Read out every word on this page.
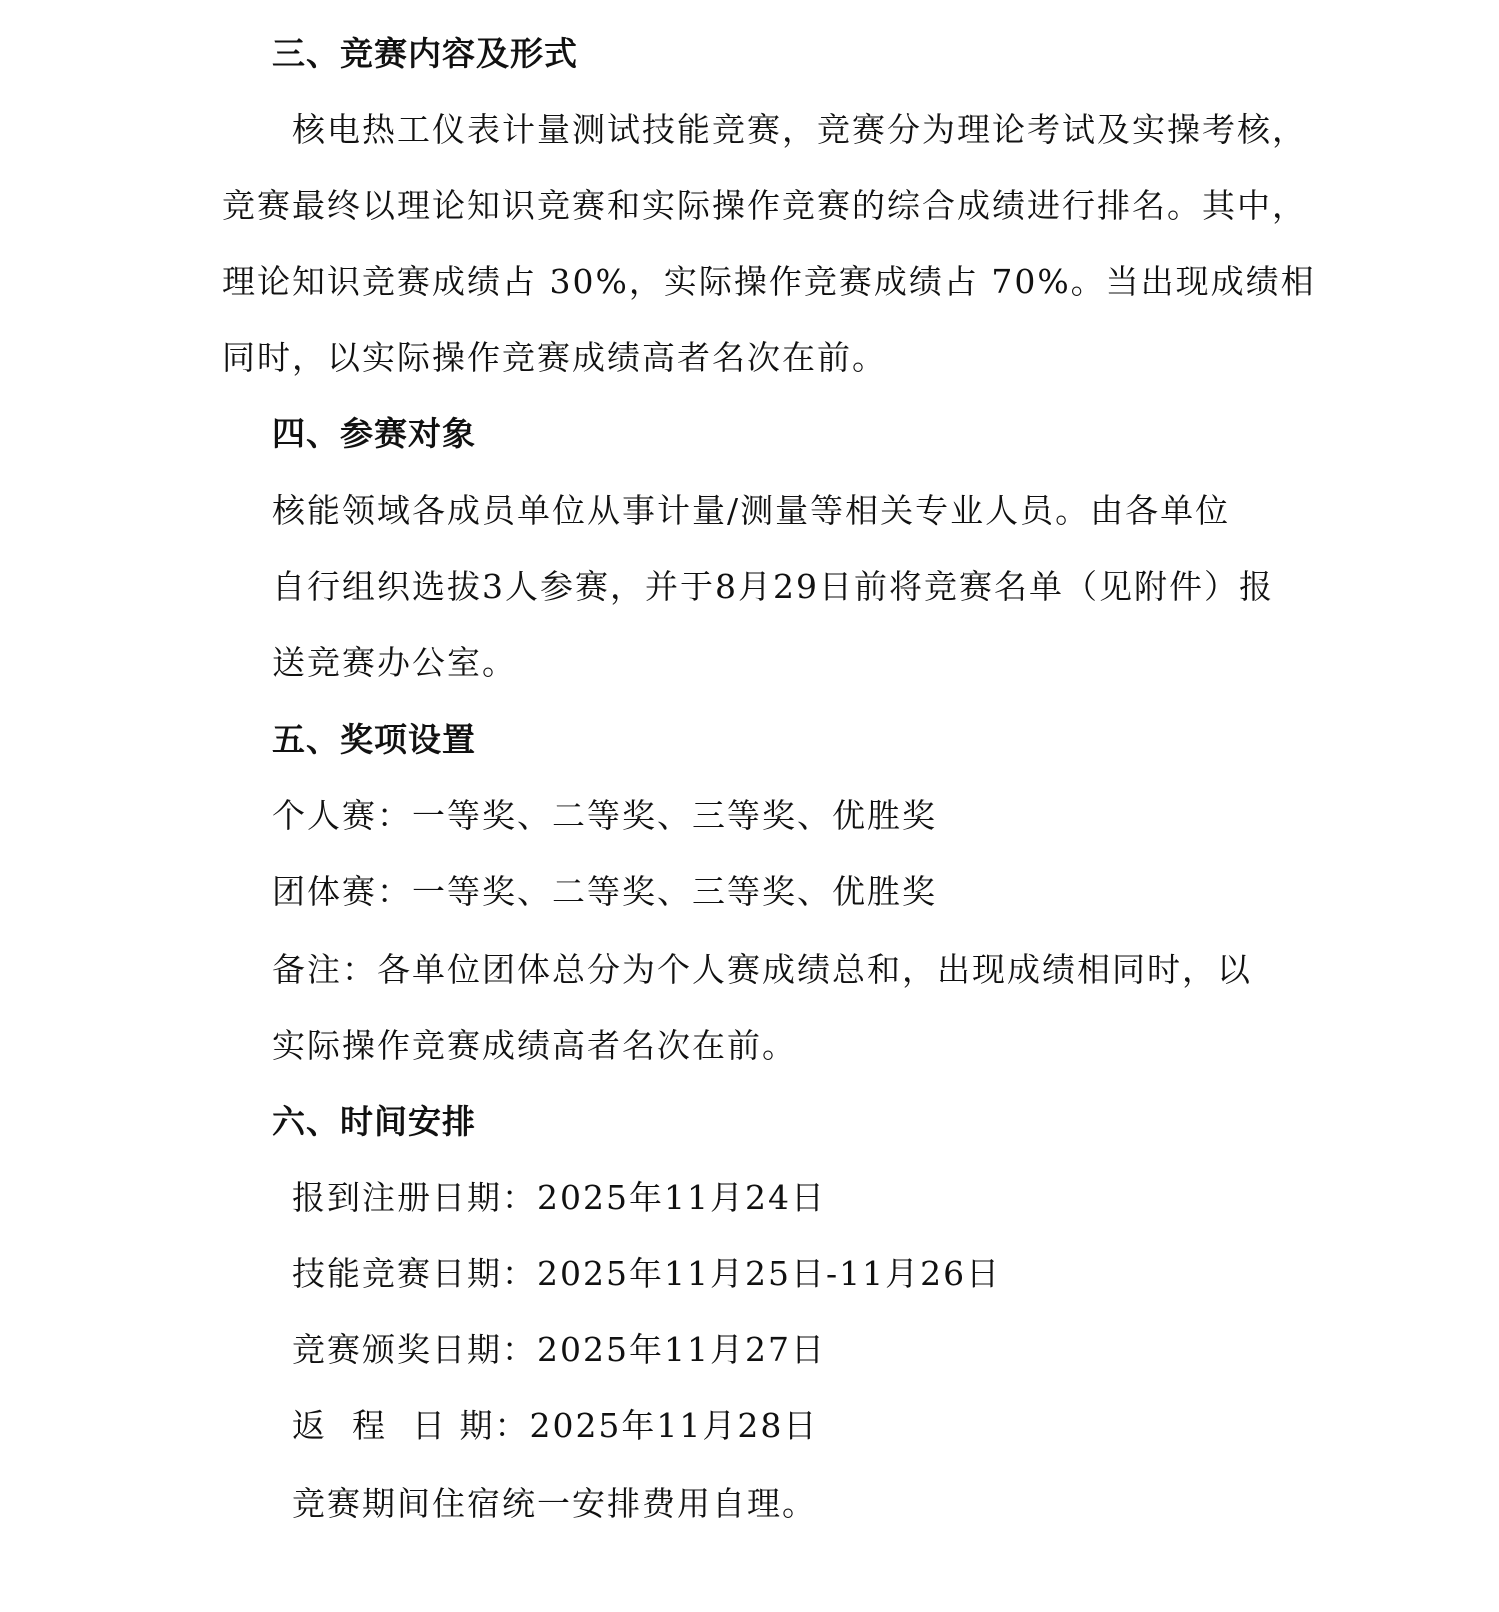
三、竞赛内容及形式
核电热工仪表计量测试技能竞赛，竞赛分为理论考试及实操考核，
竞赛最终以理论知识竞赛和实际操作竞赛的综合成绩进行排名。其中，
理论知识竞赛成绩占 30%，实际操作竞赛成绩占 70%。当出现成绩相
同时，以实际操作竞赛成绩高者名次在前。
四、参赛对象
核能领域各成员单位从事计量/测量等相关专业人员。由各单位
自行组织选拔3人参赛，并于8月29日前将竞赛名单（见附件）报
送竞赛办公室。
五、奖项设置
个人赛：一等奖、二等奖、三等奖、优胜奖
团体赛：一等奖、二等奖、三等奖、优胜奖
备注：各单位团体总分为个人赛成绩总和，出现成绩相同时，以
实际操作竞赛成绩高者名次在前。
六、时间安排
报到注册日期：2025年11月24日
技能竞赛日期：2025年11月25日-11月26日
竞赛颁奖日期：2025年11月27日
返  程  日 期：2025年11月28日
竞赛期间住宿统一安排费用自理。
